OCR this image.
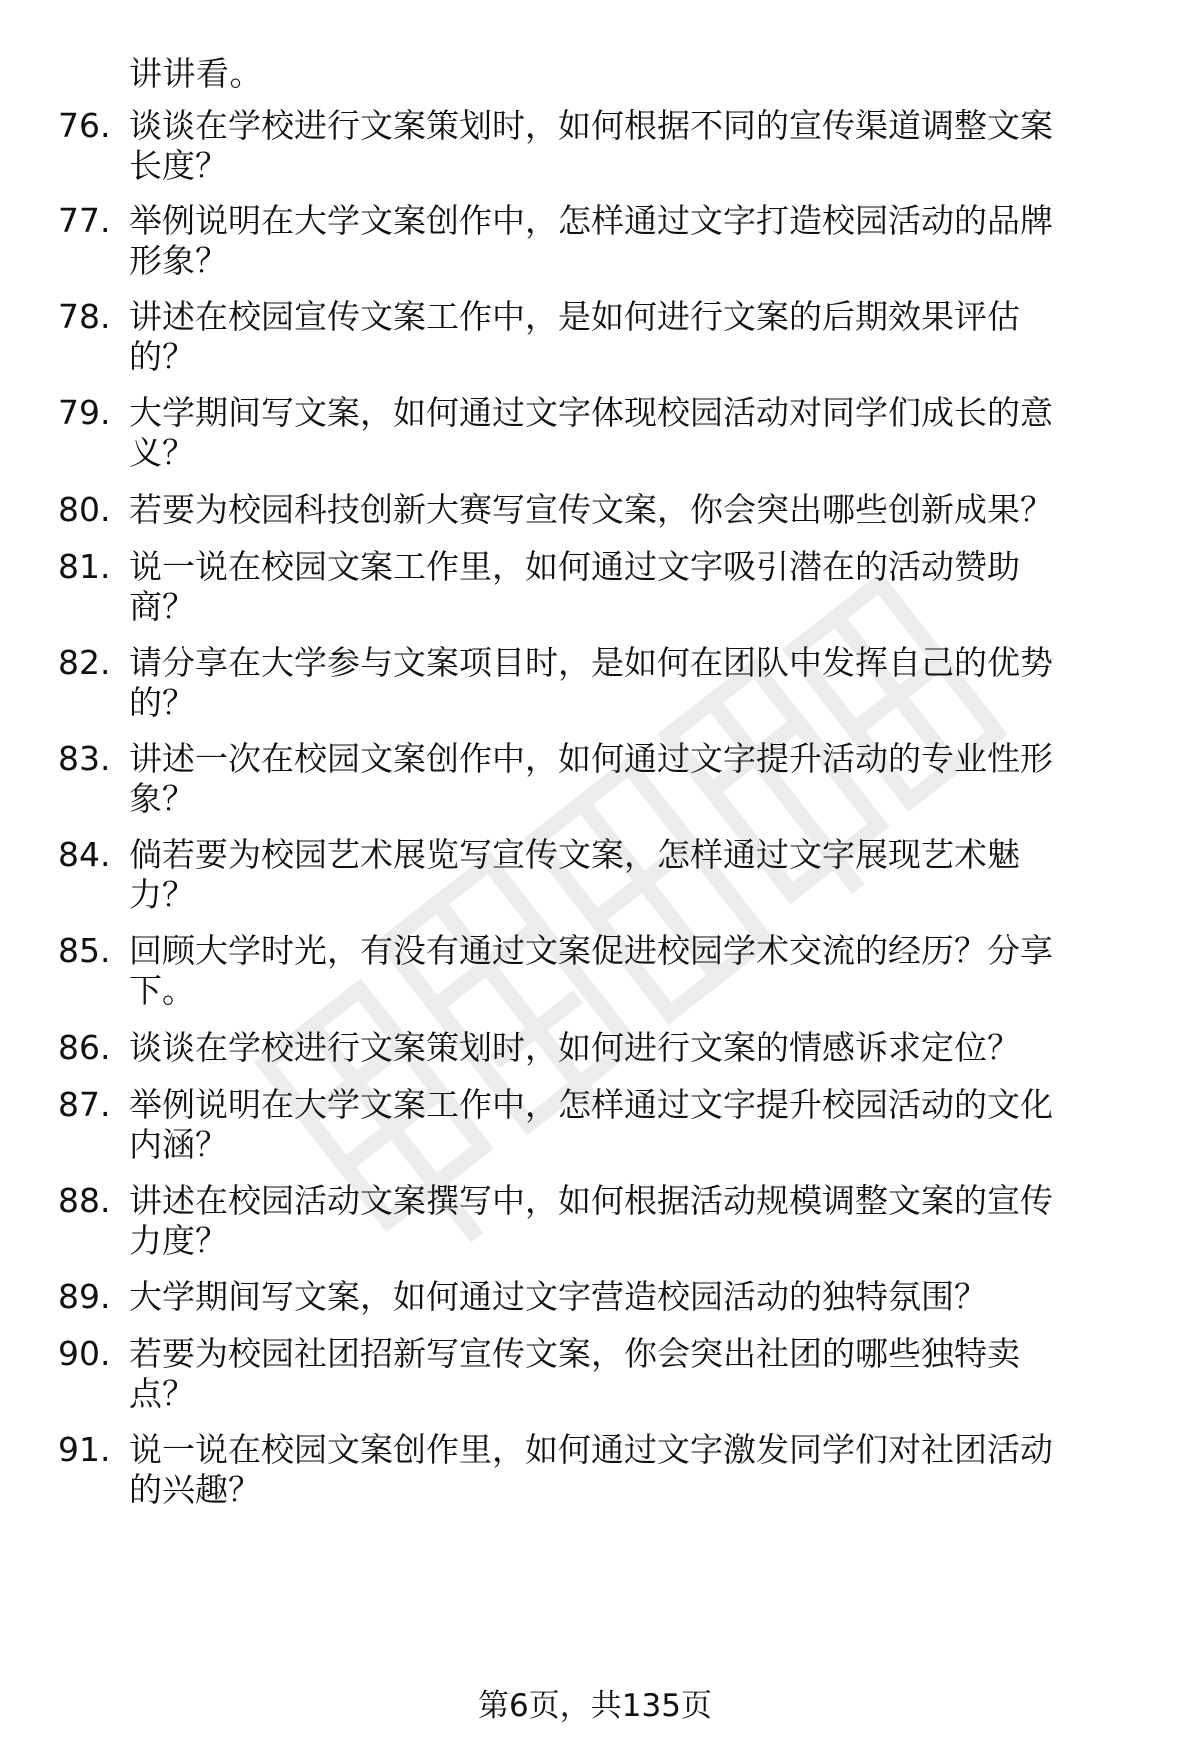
讲讲看。
76. 谈谈在学校进行文案策划时，如何根据不同的宣传渠道调整文案
长度？
77. 举例说明在大学文案创作中，怎样通过文字打造校园活动的品牌
形象？
78. 讲述在校园宣传文案工作中，是如何进行文案的后期效果评估
的？
79. 大学期间写文案，如何通过文字体现校园活动对同学们成长的意
义？
80. 若要为校园科技创新大赛写宣传文案，你会突出哪些创新成果？
81. 说一说在校园文案工作里，如何通过文字吸引潜在的活动赞助
商？
82. 请分享在大学参与文案项目时，是如何在团队中发挥自己的优势
的？
83. 讲述一次在校园文案创作中，如何通过文字提升活动的专业性形
象？
84. 倘若要为校园艺术展览写宣传文案，怎样通过文字展现艺术魅
力？
85. 回顾大学时光，有没有通过文案促进校园学术交流的经历？分享
下。
86. 谈谈在学校进行文案策划时，如何进行文案的情感诉求定位？
87. 举例说明在大学文案工作中，怎样通过文字提升校园活动的文化
内涵？
88. 讲述在校园活动文案撰写中，如何根据活动规模调整文案的宣传
力度？
89. 大学期间写文案，如何通过文字营造校园活动的独特氛围？
90. 若要为校园社团招新写宣传文案，你会突出社团的哪些独特卖
点？
91. 说一说在校园文案创作里，如何通过文字激发同学们对社团活动
的兴趣？
第6页，共135页
